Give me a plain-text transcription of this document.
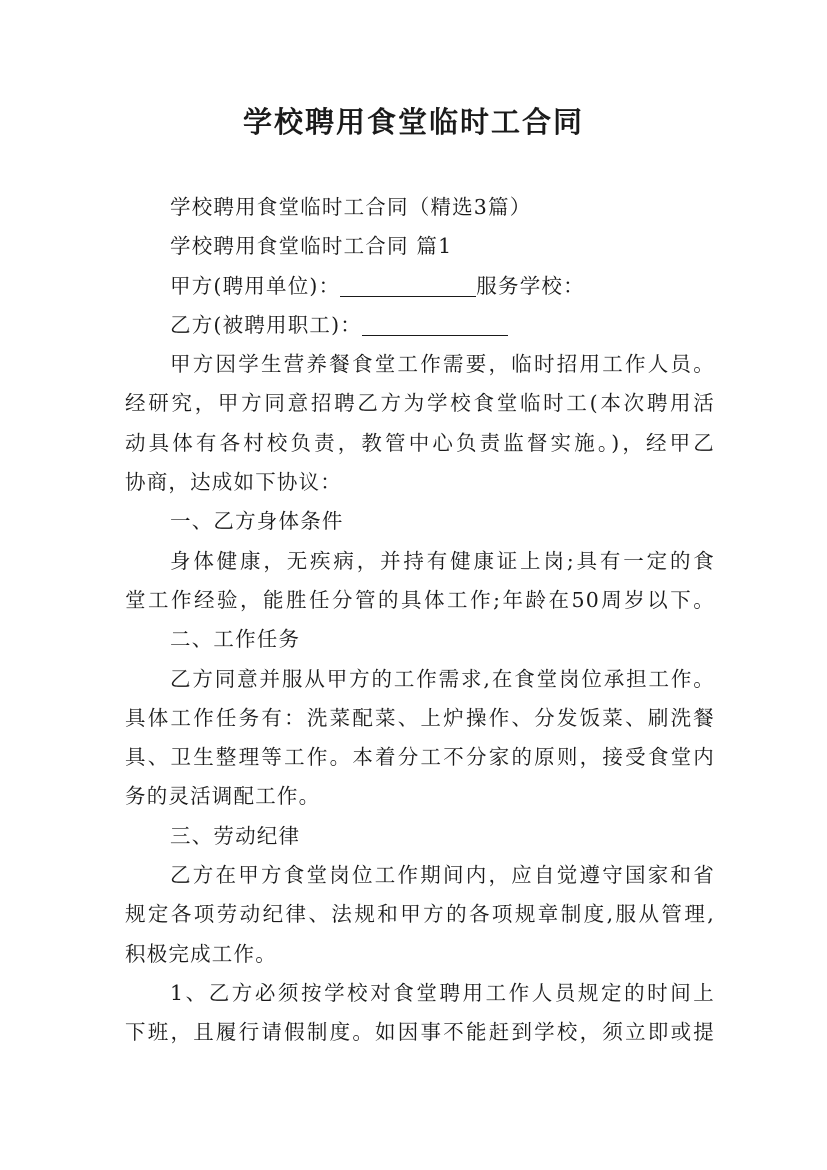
学校聘用食堂临时工合同
学校聘用食堂临时工合同（精选3篇）
学校聘用食堂临时工合同 篇1
甲方(聘用单位)：	服务学校：
乙方(被聘用职工)：
甲方因学生营养餐食堂工作需要，临时招用工作人员。
经研究，甲方同意招聘乙方为学校食堂临时工(本次聘用活
动具体有各村校负责，教管中心负责监督实施。)，经甲乙
协商，达成如下协议：
一、乙方身体条件
身体健康，无疾病，并持有健康证上岗;具有一定的食
堂工作经验，能胜任分管的具体工作;年龄在50周岁以下。
二、工作任务
乙方同意并服从甲方的工作需求,在食堂岗位承担工作。
具体工作任务有：洗菜配菜、上炉操作、分发饭菜、刷洗餐
具、卫生整理等工作。本着分工不分家的原则，接受食堂内
务的灵活调配工作。
三、劳动纪律
乙方在甲方食堂岗位工作期间内，应自觉遵守国家和省
规定各项劳动纪律、法规和甲方的各项规章制度,服从管理,
积极完成工作。
1、乙方必须按学校对食堂聘用工作人员规定的时间上
下班，且履行请假制度。如因事不能赶到学校，须立即或提
